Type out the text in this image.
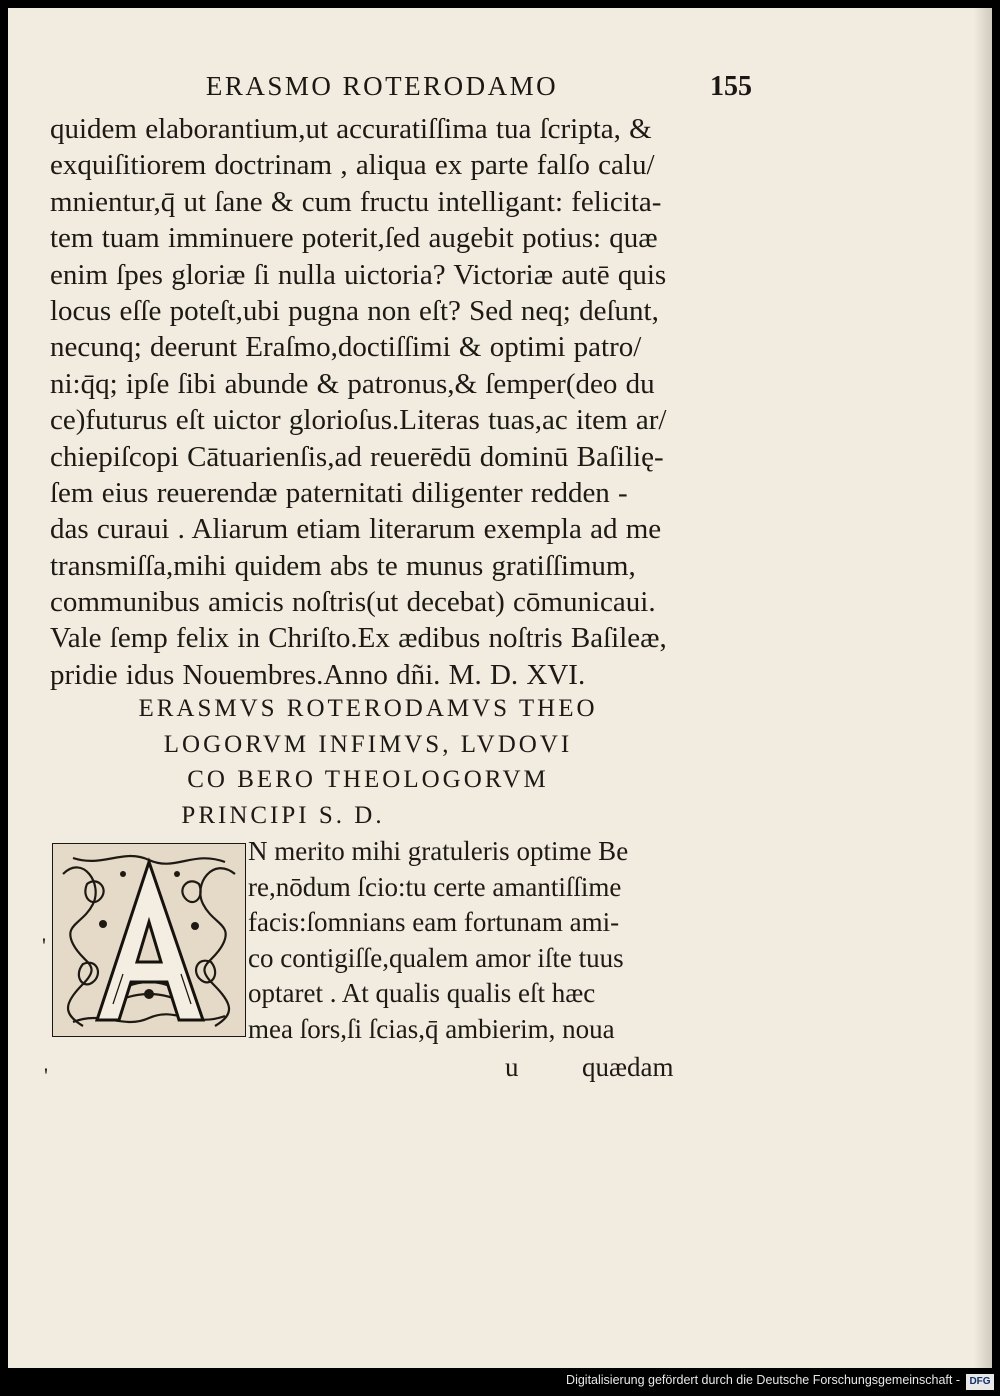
ERASMO ROTERODAMO	155
quidem elaborantium,ut accuratiſſima tua ſcripta, &
exquiſitiorem doctrinam , aliqua ex parte falſo calu/
mnientur,q̄ ut ſane & cum fructu intelligant: felicita-
tem tuam imminuere poterit,ſed augebit potius: quæ
enim ſpes gloriæ ſi nulla uictoria? Victoriæ autē quis
locus eſſe poteſt,ubi pugna non eſt? Sed neq; deſunt,
necunq; deerunt Eraſmo,doctiſſimi & optimi patro/
ni:q̄q; ipſe ſibi abunde & patronus,& ſemper(deo du
ce)futurus eſt uictor glorioſus.Literas tuas,ac item ar/
chiepiſcopi Cātuarienſis,ad reuerēdū dominū Baſilię-
ſem eius reuerendæ paternitati diligenter redden -
das curaui . Aliarum etiam literarum exempla ad me
transmiſſa,mihi quidem abs te munus gratiſſimum,
communibus amicis noſtris(ut decebat) cōmunicaui.
Vale ſemp felix in Chriſto.Ex ædibus noſtris Baſileæ,
pridie idus Nouembres.Anno dñi. M. D. XVI.
ERASMVS ROTERODAMVS THEO
LOGORVM INFIMVS, LVDOVI
CO BERO THEOLOGORVM
PRINCIPI S. D.
'
'
N merito mihi gratuleris optime Be
re,nōdum ſcio:tu certe amantiſſime
facis:ſomnians eam fortunam ami-
co contigiſſe,qualem amor iſte tuus
optaret . At qualis qualis eſt hæc
mea ſors,ſi ſcias,q̄ ambierim, noua
u quædam
Digitalisierung gefördert durch die Deutsche Forschungsgemeinschaft - DFG
